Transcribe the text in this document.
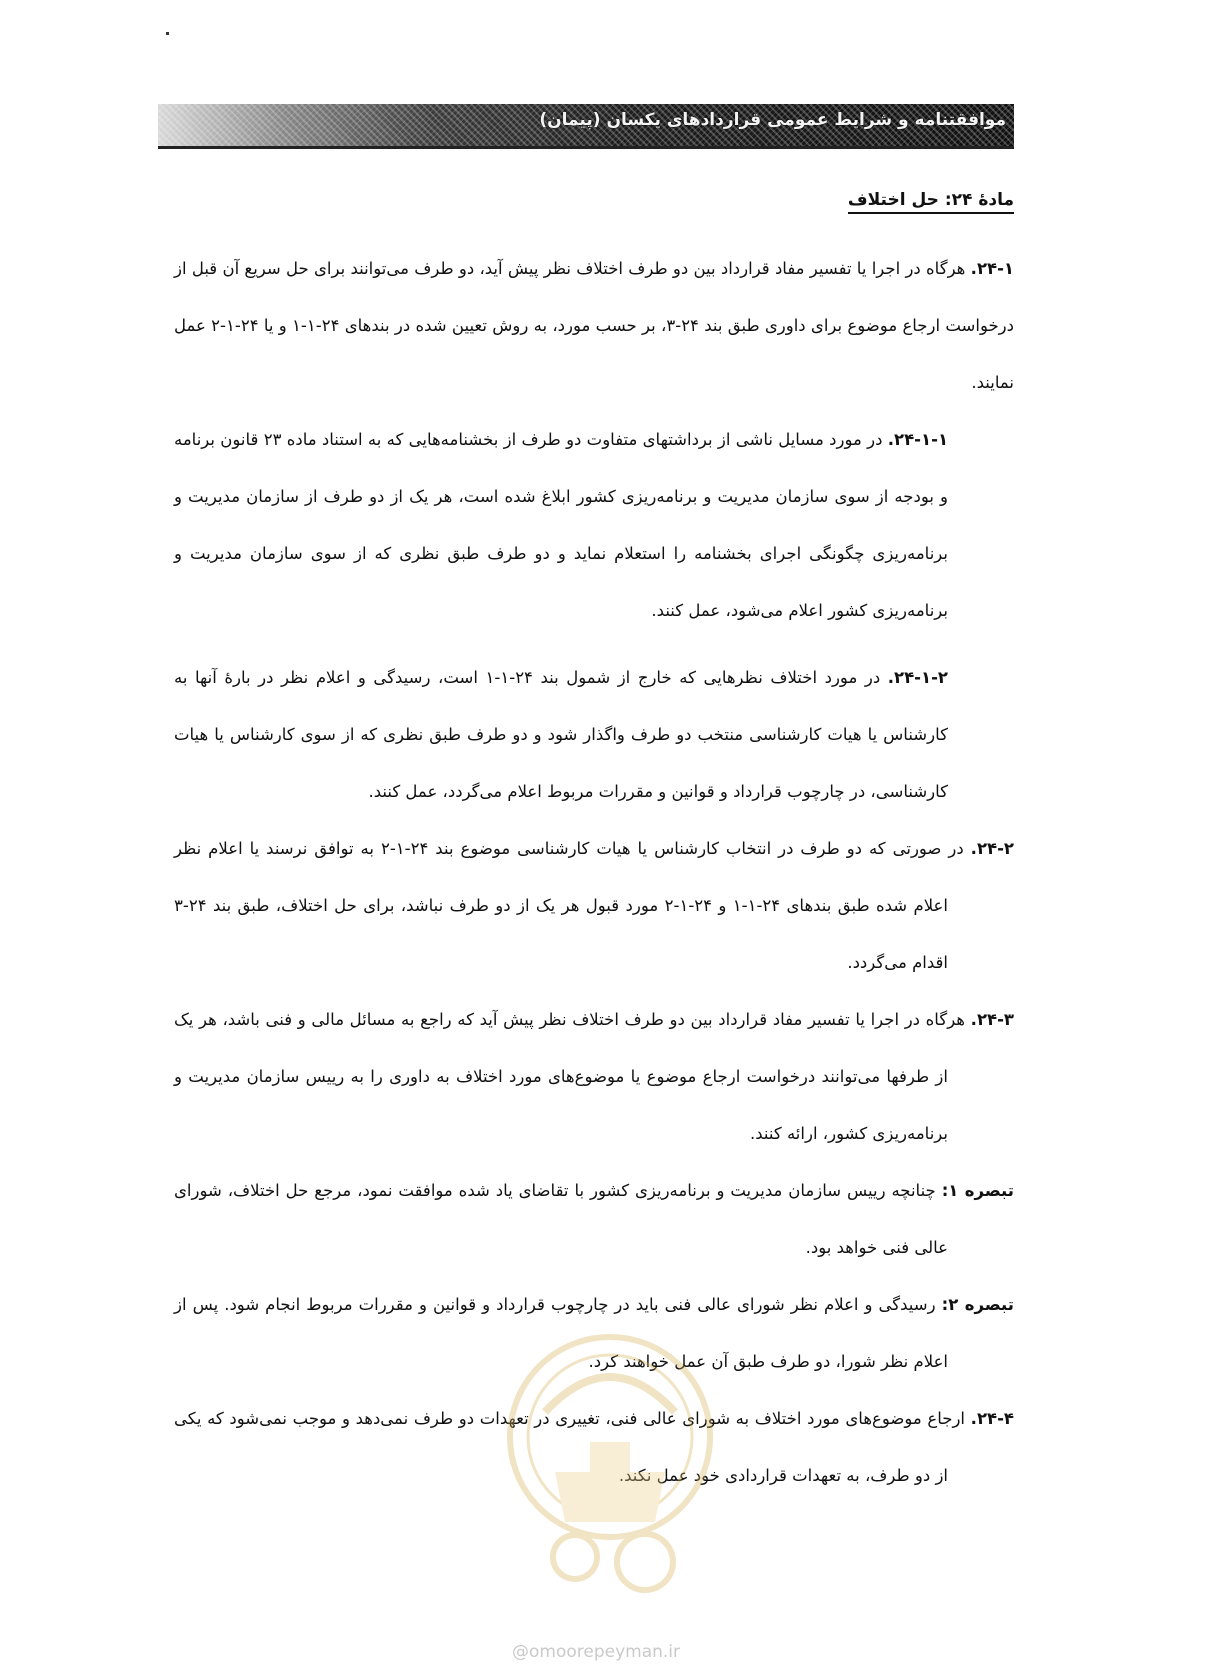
موافقتنامه و شرایط عمومی قراردادهای یکسان (پیمان)
مادهٔ ۲۴: حل اختلاف

۲۴-۱. هرگاه در اجرا یا تفسیر مفاد قرارداد بین دو طرف اختلاف نظر پیش آید، دو طرف می‌توانند برای حل سریع آن قبل از درخواست ارجاع موضوع برای داوری طبق بند ۲۴-۳، بر حسب مورد، به روش تعیین شده در بندهای ۲۴-۱-۱ و یا ۲۴-۱-۲ عمل نمایند.

۲۴-۱-۱. در مورد مسایل ناشی از برداشتهای متفاوت دو طرف از بخشنامه‌هایی که به استناد ماده ۲۳ قانون برنامه و بودجه از سوی سازمان مدیریت و برنامه‌ریزی کشور ابلاغ شده است، هر یک از دو طرف از سازمان مدیریت و برنامه‌ریزی چگونگی اجرای بخشنامه را استعلام نماید و دو طرف طبق نظری که از سوی سازمان مدیریت و برنامه‌ریزی کشور اعلام می‌شود، عمل کنند.

۲۴-۱-۲. در مورد اختلاف نظرهایی که خارج از شمول بند ۲۴-۱-۱ است، رسیدگی و اعلام نظر در بارهٔ آنها به کارشناس یا هیات کارشناسی منتخب دو طرف واگذار شود و دو طرف طبق نظری که از سوی کارشناس یا هیات کارشناسی، در چارچوب قرارداد و قوانین و مقررات مربوط اعلام می‌گردد، عمل کنند.

۲۴-۲. در صورتی که دو طرف در انتخاب کارشناس یا هیات کارشناسی موضوع بند ۲۴-۱-۲ به توافق نرسند یا اعلام نظر اعلام شده طبق بندهای ۲۴-۱-۱ و ۲۴-۱-۲ مورد قبول هر یک از دو طرف نباشد، برای حل اختلاف، طبق بند ۲۴-۳ اقدام می‌گردد.

۲۴-۳. هرگاه در اجرا یا تفسیر مفاد قرارداد بین دو طرف اختلاف نظر پیش آید که راجع به مسائل مالی و فنی باشد، هر یک از طرفها می‌توانند درخواست ارجاع موضوع یا موضوع‌های مورد اختلاف به داوری را به رییس سازمان مدیریت و برنامه‌ریزی کشور، ارائه کنند.

تبصره ۱: چنانچه رییس سازمان مدیریت و برنامه‌ریزی کشور با تقاضای یاد شده موافقت نمود، مرجع حل اختلاف، شورای عالی فنی خواهد بود.

تبصره ۲: رسیدگی و اعلام نظر شورای عالی فنی باید در چارچوب قرارداد و قوانین و مقررات مربوط انجام شود. پس از اعلام نظر شورا، دو طرف طبق آن عمل خواهند کرد.

۲۴-۴. ارجاع موضوع‌های مورد اختلاف به شورای عالی فنی، تغییری در تعهدات دو طرف نمی‌دهد و موجب نمی‌شود که یکی از دو طرف، به تعهدات قراردادی خود عمل نکند.

@omoorepeyman.ir
